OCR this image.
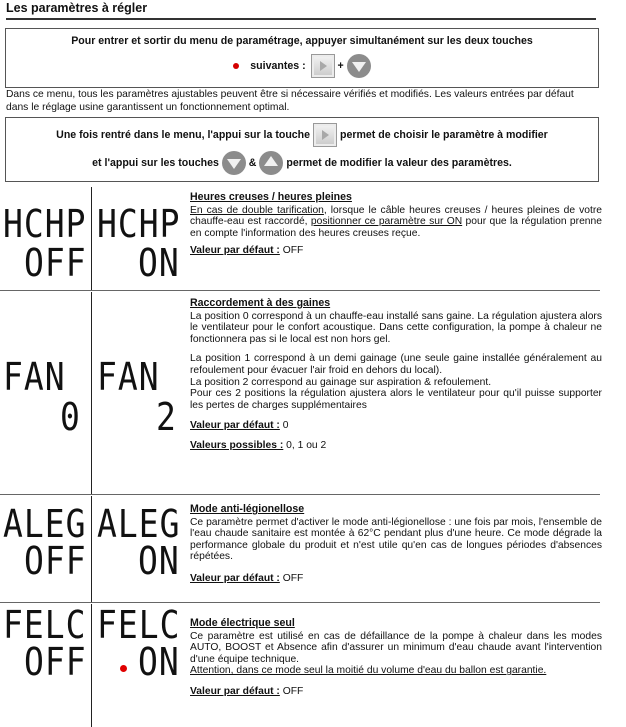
Les paramètres à régler
Pour entrer et sortir du menu de paramétrage, appuyer simultanément sur les deux touches
suivantes :	+
Dans ce menu, tous les paramètres ajustables peuvent être si nécessaire vérifiés et modifiés. Les valeurs entrées par défaut dans le réglage usine garantissent un fonctionnement optimal.
Une fois rentré dans le menu, l'appui sur la touche	permet de choisir le paramètre à modifier
et l'appui sur les touches	&	permet de modifier la valeur des paramètres.
HCHP
OFF
HCHP
ON

Heures creuses / heures pleines

En cas de double tarification, lorsque le câble heures creuses / heures pleines de votre chauffe-eau est raccordé, positionner ce paramètre sur ON pour que la régulation prenne en compte l'information des heures creuses reçue.

Valeur par défaut : OFF

FAN
0
FAN
2

Raccordement à des gaines

La position 0 correspond à un chauffe-eau installé sans gaine. La régulation ajustera alors le ventilateur pour le confort acoustique. Dans cette configuration, la pompe à chaleur ne fonctionnera pas si le local est non hors gel.

La position 1 correspond à un demi gainage (une seule gaine installée généralement au refoulement pour évacuer l'air froid en dehors du local).

La position 2 correspond au gainage sur aspiration & refoulement.

Pour ces 2 positions la régulation ajustera alors le ventilateur pour qu'il puisse supporter les pertes de charges supplémentaires

Valeur par défaut : 0

Valeurs possibles : 0, 1 ou 2

ALEG
OFF
ALEG
ON

Mode anti-légionellose

Ce paramètre permet d'activer le mode anti-légionellose : une fois par mois, l'ensemble de l'eau chaude sanitaire est montée à 62°C pendant plus d'une heure. Ce mode dégrade la performance globale du produit et n'est utile qu'en cas de longues périodes d'absences répétées.

Valeur par défaut : OFF

FELC
OFF
FELC
ON

Mode électrique seul

Ce paramètre est utilisé en cas de défaillance de la pompe à chaleur dans les modes AUTO, BOOST et Absence afin d'assurer un minimum d'eau chaude avant l'intervention d'une équipe technique.

Attention, dans ce mode seul la moitié du volume d'eau du ballon est garantie.

Valeur par défaut : OFF
